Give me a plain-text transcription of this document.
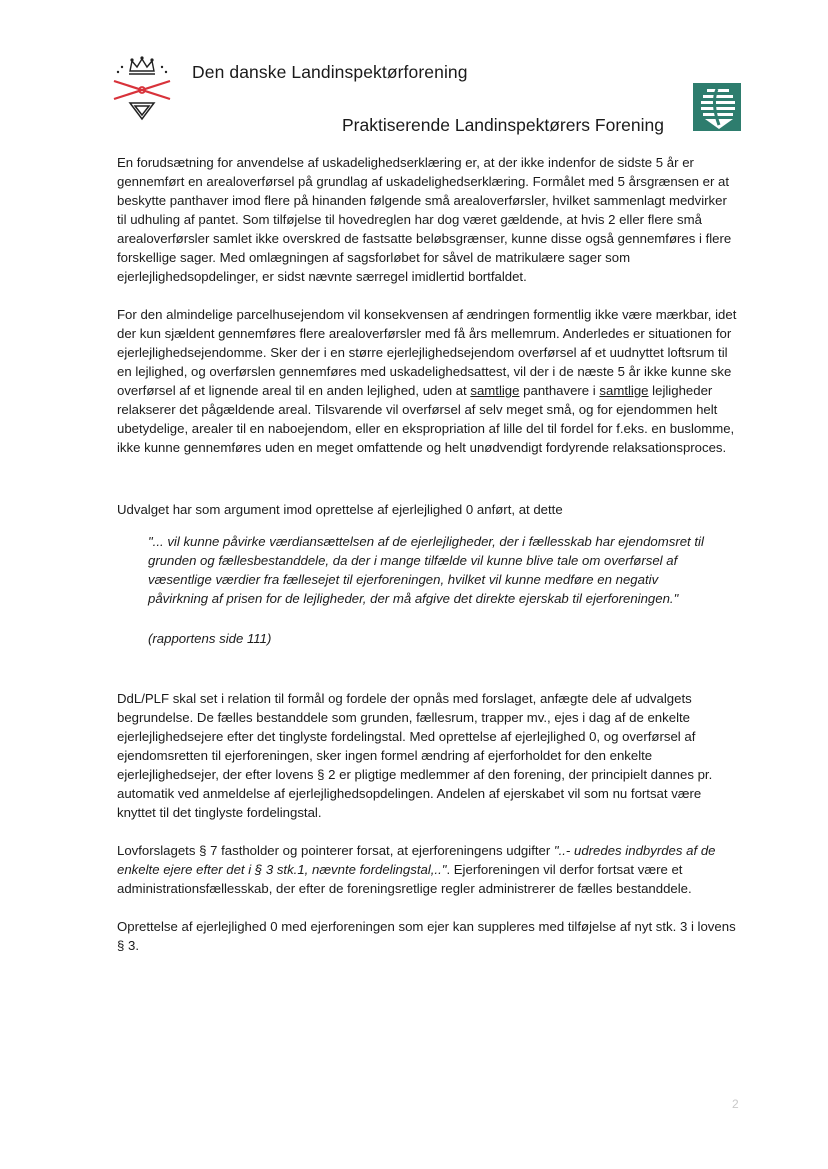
Den danske Landinspektørforening
Praktiserende Landinspektørers Forening

En forudsætning for anvendelse af uskadelighedserklæring er, at der ikke indenfor de sidste 5 år er gennemført en arealoverførsel på grundlag af uskadelighedserklæring. Formålet med 5 årsgrænsen er at beskytte panthaver imod flere på hinanden følgende små arealoverførsler, hvilket sammenlagt medvirker til udhuling af pantet. Som tilføjelse til hovedreglen har dog været gældende, at hvis 2 eller flere små arealoverførsler samlet ikke overskred de fastsatte beløbsgrænser, kunne disse også gennemføres i flere forskellige sager. Med omlægningen af sagsforløbet for såvel de matrikulære sager som ejerlejlighedsopdelinger, er sidst nævnte særregel imidlertid bortfaldet.

For den almindelige parcelhusejendom vil konsekvensen af ændringen formentlig ikke være mærkbar, idet der kun sjældent gennemføres flere arealoverførsler med få års mellemrum. Anderledes er situationen for ejerlejlighedsejendomme. Sker der i en større ejerlejlighedsejendom overførsel af et uudnyttet loftsrum til en lejlighed, og overførslen gennemføres med uskadelighedsattest, vil der i de næste 5 år ikke kunne ske overførsel af et lignende areal til en anden lejlighed, uden at samtlige panthavere i samtlige lejligheder relakserer det pågældende areal. Tilsvarende vil overførsel af selv meget små, og for ejendommen helt ubetydelige, arealer til en naboejendom, eller en ekspropriation af lille del til fordel for f.eks. en buslomme, ikke kunne gennemføres uden en meget omfattende og helt unødvendigt fordyrende relaksationsproces.

Udvalget har som argument imod oprettelse af ejerlejlighed 0 anført, at dette

"... vil kunne påvirke værdiansættelsen af de ejerlejligheder, der i fællesskab har ejendomsret til grunden og fællesbestanddele, da der i mange tilfælde vil kunne blive tale om overførsel af væsentlige værdier fra fællesejet til ejerforeningen, hvilket vil kunne medføre en negativ påvirkning af prisen for de lejligheder, der må afgive det direkte ejerskab til ejerforeningen."

(rapportens side 111)

DdL/PLF skal set i relation til formål og fordele der opnås med forslaget, anfægte dele af udvalgets begrundelse. De fælles bestanddele som grunden, fællesrum, trapper mv., ejes i dag af de enkelte ejerlejlighedsejere efter det tinglyste fordelingstal. Med oprettelse af ejerlejlighed 0, og overførsel af ejendomsretten til ejerforeningen, sker ingen formel ændring af ejerforholdet for den enkelte ejerlejlighedsejer, der efter lovens § 2 er pligtige medlemmer af den forening, der principielt dannes pr. automatik ved anmeldelse af ejerlejlighedsopdelingen. Andelen af ejerskabet vil som nu fortsat være knyttet til det tinglyste fordelingstal.

Lovforslagets § 7 fastholder og pointerer forsat, at ejerforeningens udgifter "..- udredes indbyrdes af de enkelte ejere efter det i § 3 stk.1, nævnte fordelingstal,..". Ejerforeningen vil derfor fortsat være et administrationsfællesskab, der efter de foreningsretlige regler administrerer de fælles bestanddele.

Oprettelse af ejerlejlighed 0 med ejerforeningen som ejer kan suppleres med tilføjelse af nyt stk. 3 i lovens § 3.

2
